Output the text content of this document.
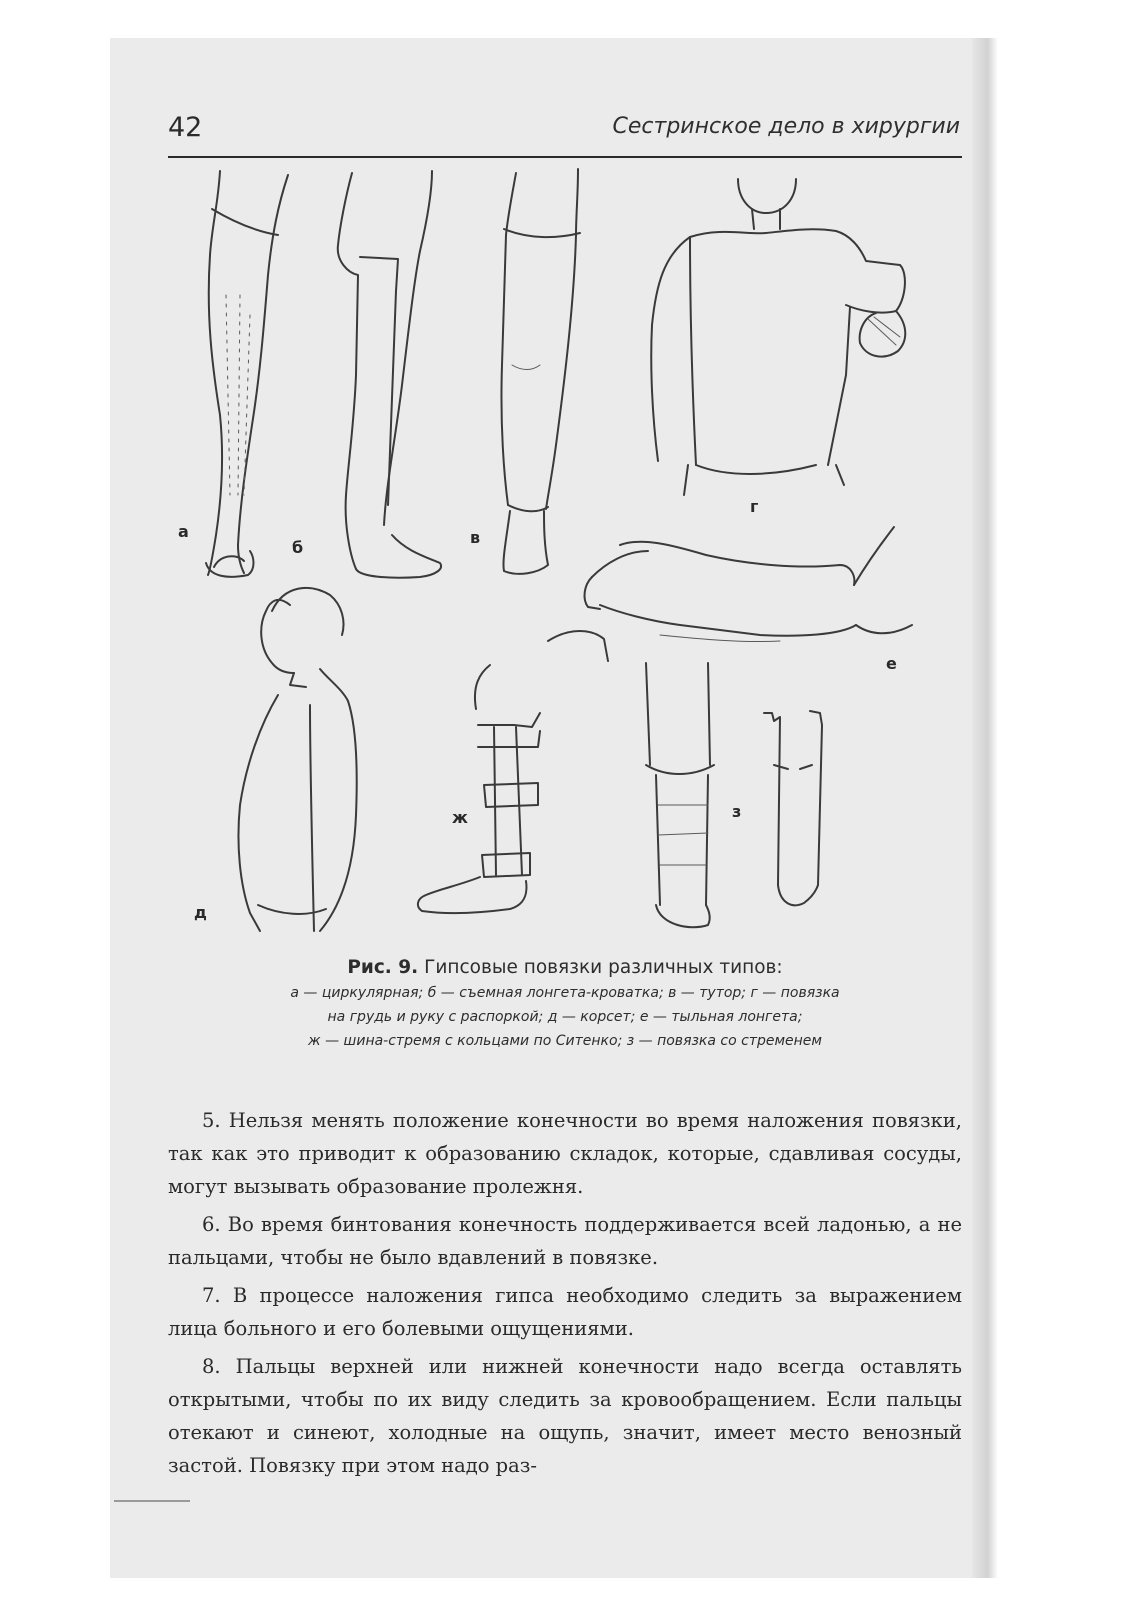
42	Сестринское дело в хирургии
а
б
в
г
д
е
ж	з
Рис. 9. Гипсовые повязки различных типов:
а — циркулярная; б — съемная лонгета-кроватка; в — тутор; г — повязка
на грудь и руку с распоркой; д — корсет; е — тыльная лонгета;
ж — шина-стремя с кольцами по Ситенко; з — повязка со стременем

5. Нельзя менять положение конечности во время наложения повязки, так как это приводит к образованию складок, которые, сдавливая сосуды, могут вызывать образование пролежня.

6. Во время бинтования конечность поддерживается всей ладонью, а не пальцами, чтобы не было вдавлений в повязке.

7. В процессе наложения гипса необходимо следить за выражением лица больного и его болевыми ощущениями.

8. Пальцы верхней или нижней конечности надо всегда оставлять открытыми, чтобы по их виду следить за кровообращением. Если пальцы отекают и синеют, холодные на ощупь, значит, имеет место венозный застой. Повязку при этом надо раз-
